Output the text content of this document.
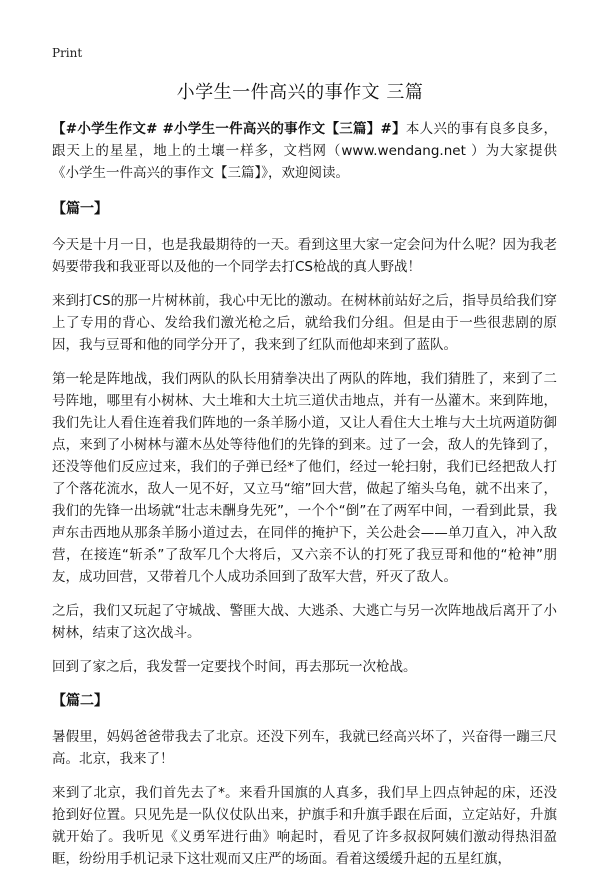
Print
小学生一件高兴的事作文 三篇

【#小学生作文# #小学生一件高兴的事作文【三篇】#】本人兴的事有良多良多，跟天上的星星，地上的土壤一样多，文档网（www.wendang.net ）为大家提供《小学生一件高兴的事作文【三篇】》，欢迎阅读。

【篇一】

今天是十月一日，也是我最期待的一天。看到这里大家一定会问为什么呢？因为我老妈要带我和我亚哥以及他的一个同学去打CS枪战的真人野战！

来到打CS的那一片树林前，我心中无比的激动。在树林前站好之后，指导员给我们穿上了专用的背心、发给我们激光枪之后，就给我们分组。但是由于一些很悲剧的原因，我与豆哥和他的同学分开了，我来到了红队而他却来到了蓝队。

第一轮是阵地战，我们两队的队长用猜拳决出了两队的阵地，我们猜胜了，来到了二号阵地，哪里有小树林、大土堆和大土坑三道伏击地点，并有一丛灌木。来到阵地，我们先让人看住连着我们阵地的一条羊肠小道，又让人看住大土堆与大土坑两道防御点，来到了小树林与灌木丛处等待他们的先锋的到来。过了一会，敌人的先锋到了，还没等他们反应过来，我们的子弹已经*了他们，经过一轮扫射，我们已经把敌人打了个落花流水，敌人一见不好，又立马“缩”回大营，做起了缩头乌龟，就不出来了，我们的先锋一出场就“壮志未酬身先死”，一个个“倒”在了两军中间，一看到此景，我声东击西地从那条羊肠小道过去，在同伴的掩护下，关公赴会——单刀直入，冲入敌营，在接连“斩杀”了敌军几个大将后，又六亲不认的打死了我豆哥和他的“枪神”朋友，成功回营，又带着几个人成功杀回到了敌军大营，歼灭了敌人。

之后，我们又玩起了守城战、警匪大战、大逃杀、大逃亡与另一次阵地战后离开了小树林，结束了这次战斗。

回到了家之后，我发誓一定要找个时间，再去那玩一次枪战。

【篇二】

暑假里，妈妈爸爸带我去了北京。还没下列车，我就已经高兴坏了，兴奋得一蹦三尺高。北京，我来了！

来到了北京，我们首先去了*。来看升国旗的人真多，我们早上四点钟起的床，还没抢到好位置。只见先是一队仪仗队出来，护旗手和升旗手跟在后面，立定站好，升旗就开始了。我听见《义勇军进行曲》响起时，看见了许多叔叔阿姨们激动得热泪盈眶，纷纷用手机记录下这壮观而又庄严的场面。看着这缓缓升起的五星红旗，
